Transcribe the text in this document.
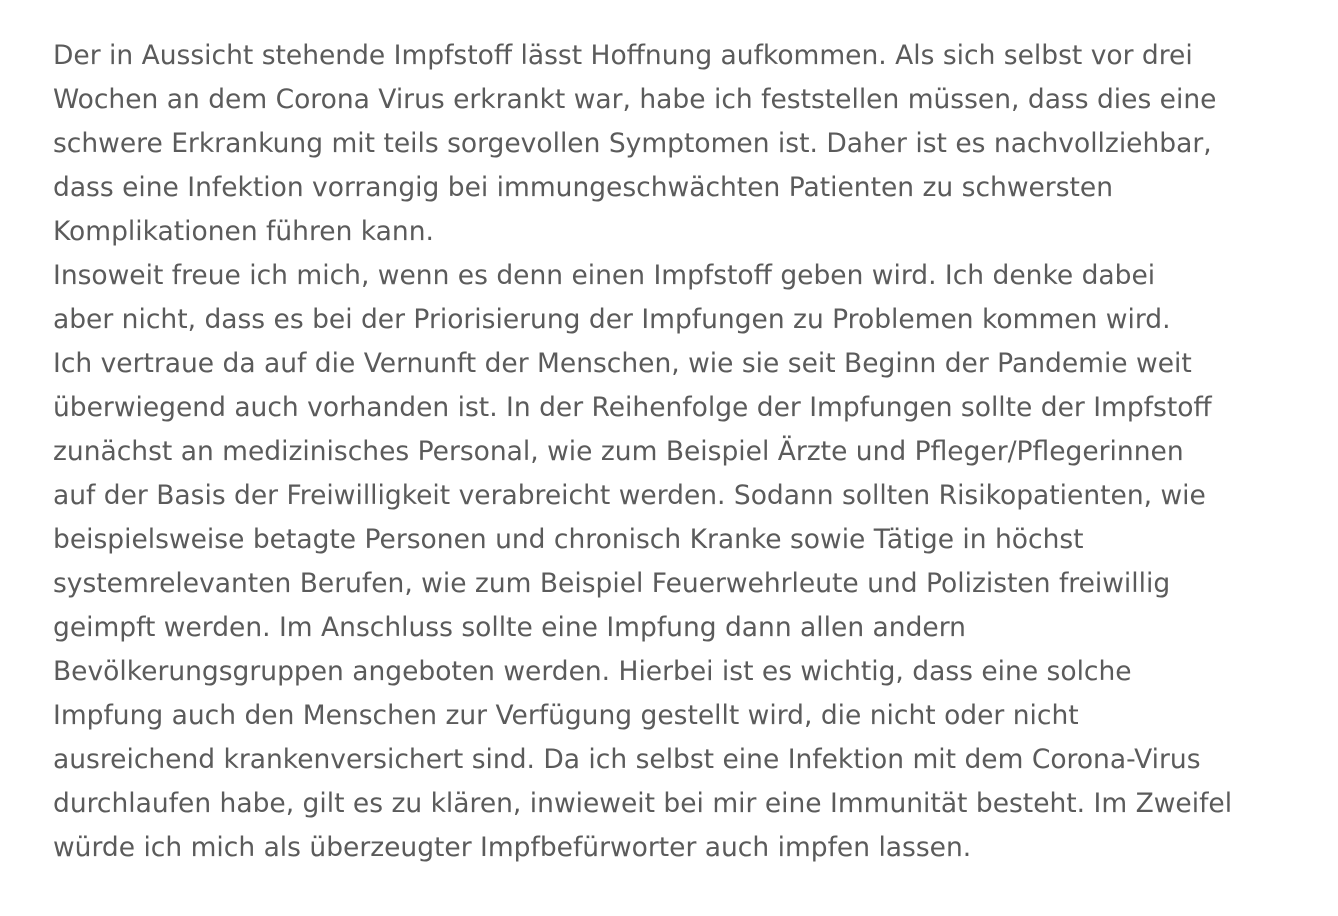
Der in Aussicht stehende Impfstoff lässt Hoffnung aufkommen. Als sich selbst vor drei
Wochen an dem Corona Virus erkrankt war, habe ich feststellen müssen, dass dies eine
schwere Erkrankung mit teils sorgevollen Symptomen ist. Daher ist es nachvollziehbar,
dass eine Infektion vorrangig bei immungeschwächten Patienten zu schwersten
Komplikationen führen kann.
Insoweit freue ich mich, wenn es denn einen Impfstoff geben wird. Ich denke dabei
aber nicht, dass es bei der Priorisierung der Impfungen zu Problemen kommen wird.
Ich vertraue da auf die Vernunft der Menschen, wie sie seit Beginn der Pandemie weit
überwiegend auch vorhanden ist. In der Reihenfolge der Impfungen sollte der Impfstoff
zunächst an medizinisches Personal, wie zum Beispiel Ärzte und Pfleger/Pflegerinnen
auf der Basis der Freiwilligkeit verabreicht werden. Sodann sollten Risikopatienten, wie
beispielsweise betagte Personen und chronisch Kranke sowie Tätige in höchst
systemrelevanten Berufen, wie zum Beispiel Feuerwehrleute und Polizisten freiwillig
geimpft werden. Im Anschluss sollte eine Impfung dann allen andern
Bevölkerungsgruppen angeboten werden. Hierbei ist es wichtig, dass eine solche
Impfung auch den Menschen zur Verfügung gestellt wird, die nicht oder nicht
ausreichend krankenversichert sind. Da ich selbst eine Infektion mit dem Corona-Virus
durchlaufen habe, gilt es zu klären, inwieweit bei mir eine Immunität besteht. Im Zweifel
würde ich mich als überzeugter Impfbefürworter auch impfen lassen.
